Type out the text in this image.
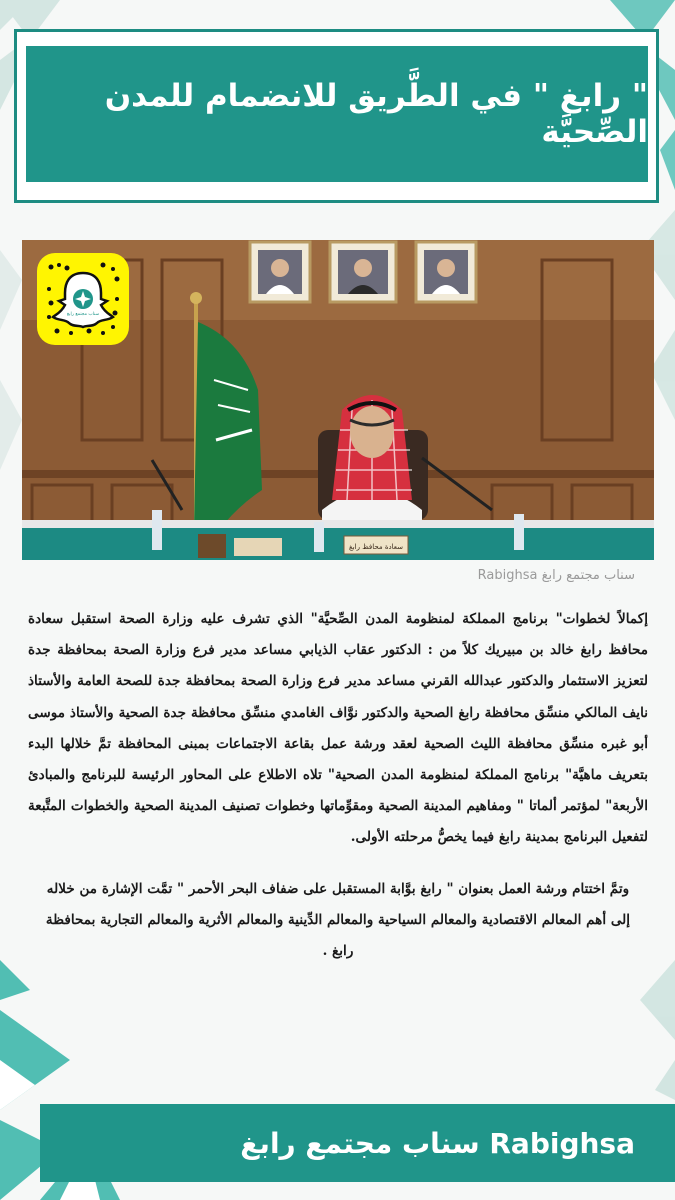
" رابغ " في الطَّريق للانضمام للمدن الصِّحيَّة
سعادة محافظ رابغ
سناب مجتمع رابغ
سناب مجتمع رابغ Rabighsa

إكمالاً لخطوات" برنامج المملكة لمنظومة المدن الصِّحيَّة" الذي تشرف عليه وزارة الصحة استقبل سعادة محافظ رابغ خالد بن مبيريك كلاً من : الدكتور عقاب الذيابي مساعد مدير فرع وزارة الصحة بمحافظة جدة لتعزيز الاستثمار والدكتور عبدالله القرني مساعد مدير فرع وزارة الصحة بمحافظة جدة للصحة العامة والأستاذ نايف المالكي منسِّق محافظة رابغ الصحية والدكتور نوَّاف الغامدي منسِّق محافظة جدة الصحية والأستاذ موسى أبو غبره منسِّق محافظة الليث الصحية لعقد ورشة عمل بقاعة الاجتماعات بمبنى المحافظة تمَّ خلالها البدء بتعريف ماهيَّة" برنامج المملكة لمنظومة المدن الصحية" تلاه الاطلاع على المحاور الرئيسة للبرنامج والمبادئ الأربعة" لمؤتمر ألماتا " ومفاهيم المدينة الصحية ومقوِّماتها وخطوات تصنيف المدينة الصحية والخطوات المتَّبعة لتفعيل البرنامج بمدينة رابغ فيما يخصُّ مرحلته الأولى.

وتمَّ اختتام ورشة العمل بعنوان " رابغ بوَّابة المستقبل على ضفاف البحر الأحمر " تمَّت الإشارة من خلاله إلى أهم المعالم الاقتصادية والمعالم السياحية والمعالم الدِّينية والمعالم الأثرية والمعالم التجارية بمحافظة رابغ .

سناب مجتمع رابغ Rabighsa
